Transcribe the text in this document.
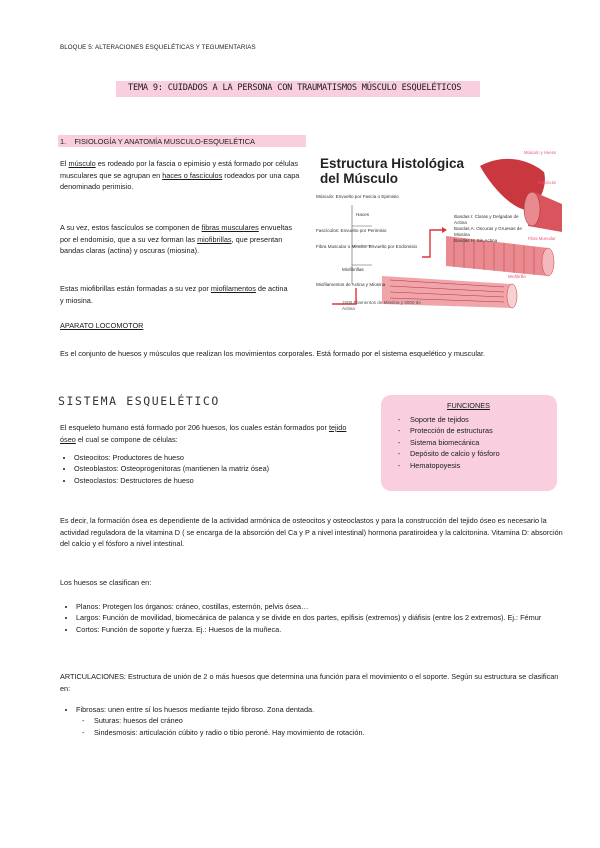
BLOQUE 5: ALTERACIONES ESQUELÉTICAS Y TEGUMENTARIAS
TEMA 9: CUIDADOS A LA PERSONA CON TRAUMATISMOS MÚSCULO ESQUELÉTICOS
1. FISIOLOGÍA Y ANATOMÍA MUSCULO-ESQUELÉTICA
El músculo es rodeado por la fascia o epimisio y está formado por células musculares que se agrupan en haces o fascículos rodeados por una capa denominado perimisio.
A su vez, estos fascículos se componen de fibras musculares envueltas por el endomisio, que a su vez forman las miofibrillas, que presentan bandas claras (actina) y oscuras (miosina).
Estas miofibrillas están formadas a su vez por miofilamentos de actina y miosina.
APARATO LOCOMOTOR
Es el conjunto de huesos y músculos que realizan los movimientos corporales. Está formado por el sistema esquelético y muscular.
SISTEMA ESQUELÉTICO
El esqueleto humano está formado por 206 huesos, los cuales están formados por tejido óseo el cual se compone de células:
• Osteocitos: Productores de hueso
• Osteoblastos: Osteoprogenitoras (mantienen la matriz ósea)
• Osteoclastos: Destructores de hueso
FUNCIONES
- Soporte de tejidos
- Protección de estructuras
- Sistema biomecánica
- Depósito de calcio y fósforo
- Hematopoyesis
Es decir, la formación ósea es dependiente de la actividad armónica de osteocitos y osteoclastos y para la construcción del tejido óseo es necesario la actividad reguladora de la vitamina D ( se encarga de la absorción del Ca y P a nivel intestinal) hormona paratiroidea y la calcitonina. Vitamina D: absorción del calcio y el fósforo a nivel intestinal.
Los huesos se clasifican en:
• Planos: Protegen los órganos: cráneo, costillas, esternón, pelvis ósea…
• Largos: Función de movilidad, biomecánica de palanca y se divide en dos partes, epífisis (extremos) y diáfisis (entre los 2 extremos). Ej.: Fémur
• Cortos: Función de soporte y fuerza. Ej.: Huesos de la muñeca.
ARTICULACIONES: Estructura de unión de 2 o más huesos que determina una función para el movimiento o el soporte. Según su estructura se clasifican en:
• Fibrosas: unen entre sí los huesos mediante tejido fibroso. Zona dentada.
- Suturas: huesos del cráneo
- Sindesmosis: articulación cúbito y radio o tibio peroné. Hay movimiento de rotación.
Estructura Histológica
del Músculo
Músculo: Envuelto por Fascia o Epimisio
Haces
Fascículos: Envuelto por Perimisio
Fibra Muscular o Miocito: Envuelto por Endomisio
Miofibrillas
Miofilamentos de Actina y Miosina
1500 Filamentos de Miosina y 3000 de Actina
Bandas I: Claras y Delgadas de Actina
Bandas A: Oscuras y Gruesas de Miosina
Bandas H: Sin Actina
Músculo y Hueso
Fascículo
Fibra Muscular
Miofibrilla
